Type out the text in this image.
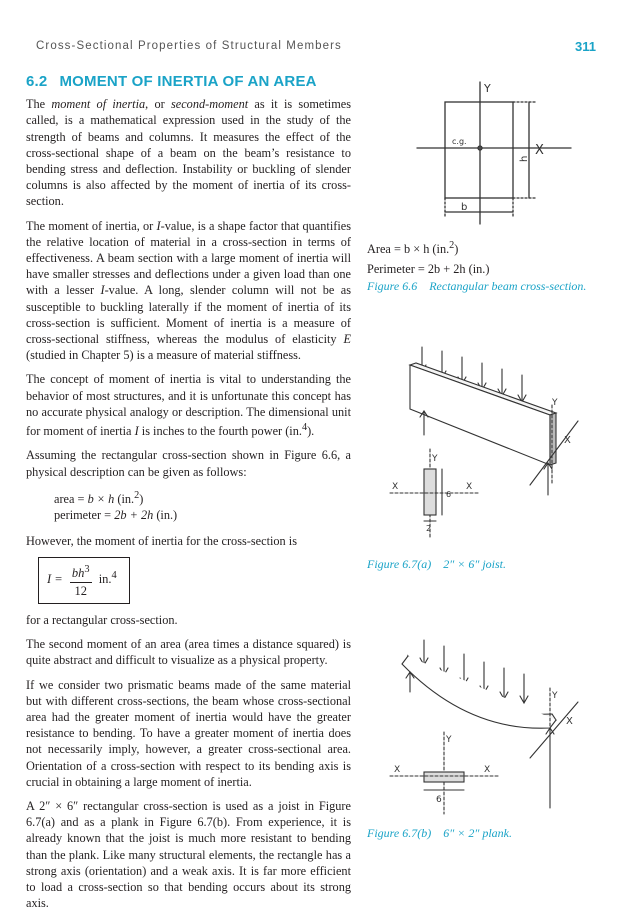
Cross-Sectional Properties of Structural Members	311
6.2 MOMENT OF INERTIA OF AN AREA

The moment of inertia, or second-moment as it is sometimes called, is a mathematical expression used in the study of the strength of beams and columns. It measures the effect of the cross-sectional shape of a beam on the beam’s resistance to bending stress and deflection. Instability or buckling of slender columns is also affected by the moment of inertia of its cross-section.

The moment of inertia, or I-value, is a shape factor that quantifies the relative location of material in a cross-section in terms of effectiveness. A beam section with a large moment of inertia will have smaller stresses and deflections under a given load than one with a lesser I-value. A long, slender column will not be as susceptible to buckling laterally if the moment of inertia of its cross-section is sufficient. Moment of inertia is a measure of cross-sectional stiffness, whereas the modulus of elasticity E (studied in Chapter 5) is a measure of material stiffness.

The concept of moment of inertia is vital to understanding the behavior of most structures, and it is unfortunate this concept has no accurate physical analogy or description. The dimensional unit for moment of inertia I is inches to the fourth power (in.$^4$).

Assuming the rectangular cross-section shown in Figure 6.6, a physical description can be given as follows:

area = b × h (in.$^2$)

perimeter = 2b + 2h (in.)

However, the moment of inertia for the cross-section is

$I = \frac{bh^3}{12} in.^4$

for a rectangular cross-section.

The second moment of an area (area times a distance squared) is quite abstract and difficult to visualize as a physical property.

If we consider two prismatic beams made of the same material but with different cross-sections, the beam whose cross-sectional area had the greater moment of inertia would have the greater resistance to bending. To have a greater moment of inertia does not necessarily imply, however, a greater cross-sectional area. Orientation of a cross-section with respect to its bending axis is crucial in obtaining a large moment of inertia.

A 2″ × 6″ rectangular cross-section is used as a joist in Figure 6.7(a) and as a plank in Figure 6.7(b). From experience, it is already known that the joist is much more resistant to bending than the plank. Like many structural elements, the rectangle has a strong axis (orientation) and a weak axis. It is far more efficient to load a cross-section so that bending occurs about its strong axis.

Y
X
c.g.
h
b
Area = b × h (in.$^2$)
Perimeter = 2b + 2h (in.)
Figure 6.6 Rectangular beam cross-section.
Y
X
Y
X	X
6
2
Figure 6.7(a) 2″ × 6″ joist.
Y
X
Y
X	X
6
Figure 6.7(b) 6″ × 2″ plank.
